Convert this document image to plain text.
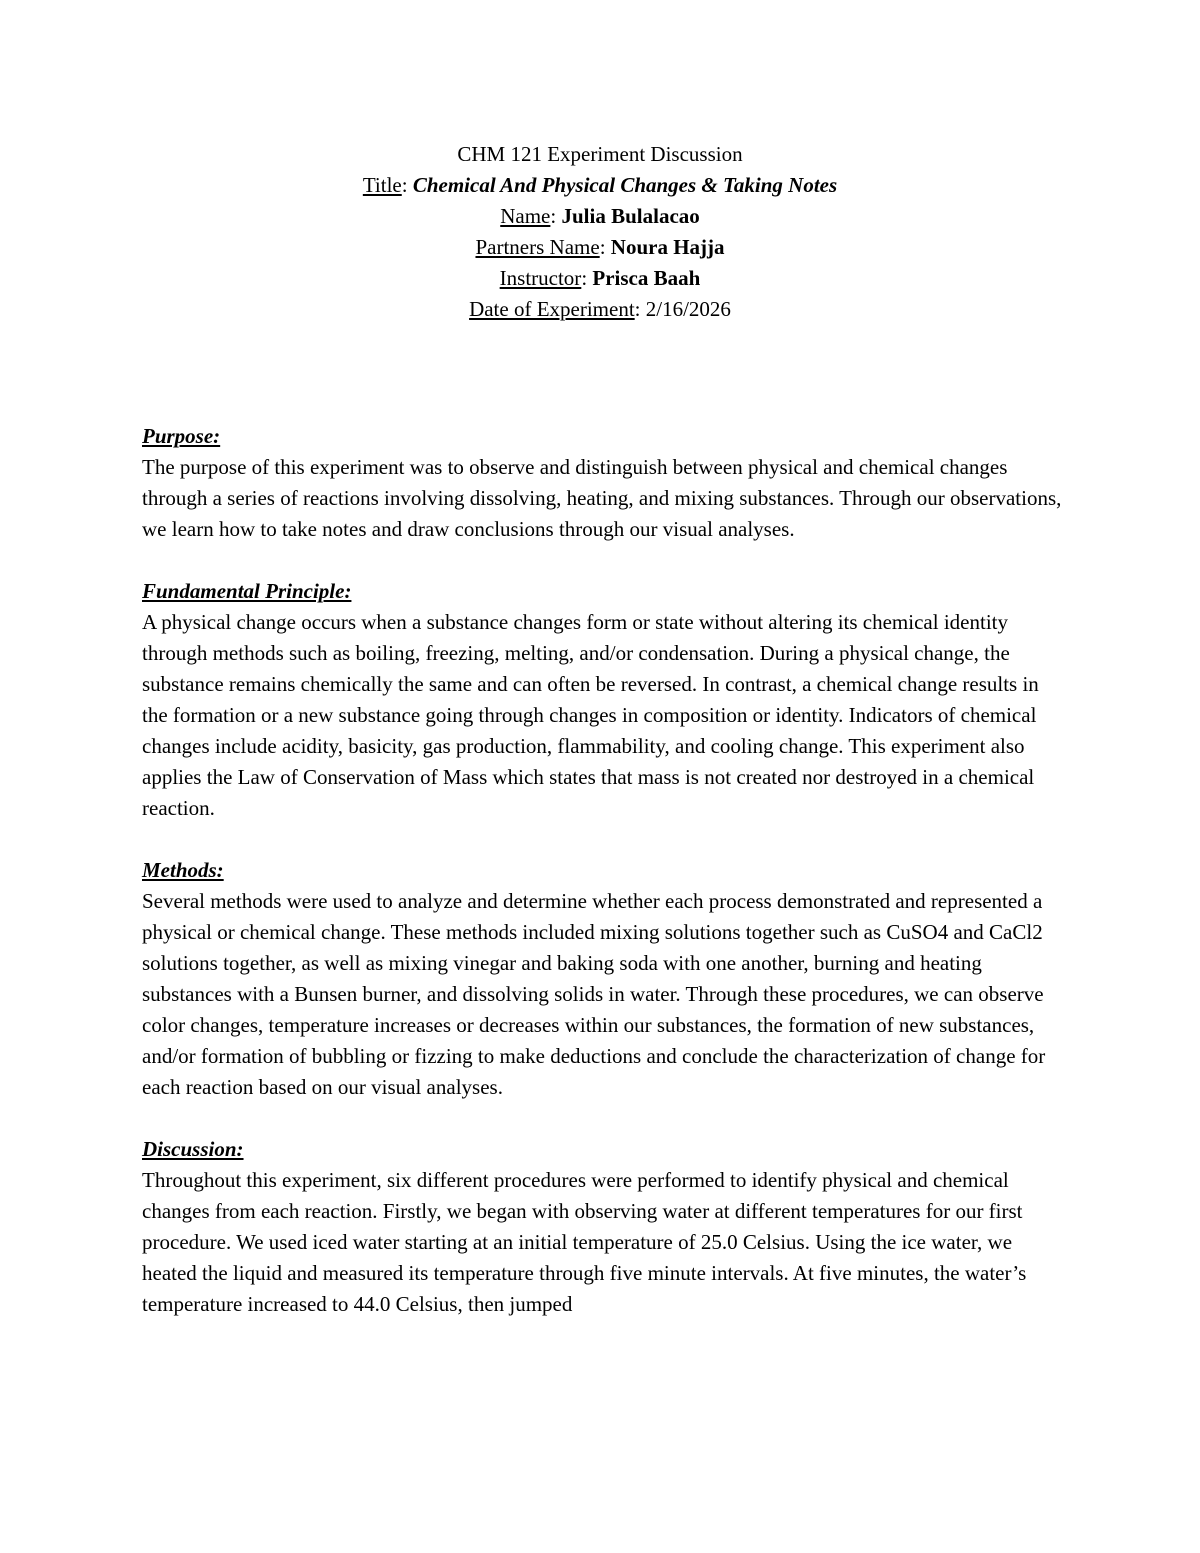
CHM 121 Experiment Discussion
Title: Chemical And Physical Changes & Taking Notes
Name: Julia Bulalacao
Partners Name: Noura Hajja
Instructor: Prisca Baah
Date of Experiment: 2/16/2026
Purpose:
The purpose of this experiment was to observe and distinguish between physical and chemical changes through a series of reactions involving dissolving, heating, and mixing substances. Through our observations, we learn how to take notes and draw conclusions through our visual analyses.
Fundamental Principle:
A physical change occurs when a substance changes form or state without altering its chemical identity through methods such as boiling, freezing, melting, and/or condensation. During a physical change, the substance remains chemically the same and can often be reversed. In contrast, a chemical change results in the formation or a new substance going through changes in composition or identity. Indicators of chemical changes include acidity, basicity, gas production, flammability, and cooling change. This experiment also applies the Law of Conservation of Mass which states that mass is not created nor destroyed in a chemical reaction.
Methods:
Several methods were used to analyze and determine whether each process demonstrated and represented a physical or chemical change. These methods included mixing solutions together such as CuSO4 and CaCl2 solutions together, as well as mixing vinegar and baking soda with one another, burning and heating substances with a Bunsen burner, and dissolving solids in water. Through these procedures, we can observe color changes, temperature increases or decreases within our substances, the formation of new substances, and/or formation of bubbling or fizzing to make deductions and conclude the characterization of change for each reaction based on our visual analyses.
Discussion:
Throughout this experiment, six different procedures were performed to identify physical and chemical changes from each reaction. Firstly, we began with observing water at different temperatures for our first procedure. We used iced water starting at an initial temperature of 25.0 Celsius. Using the ice water, we heated the liquid and measured its temperature through five minute intervals. At five minutes, the water’s temperature increased to 44.0 Celsius, then jumped
